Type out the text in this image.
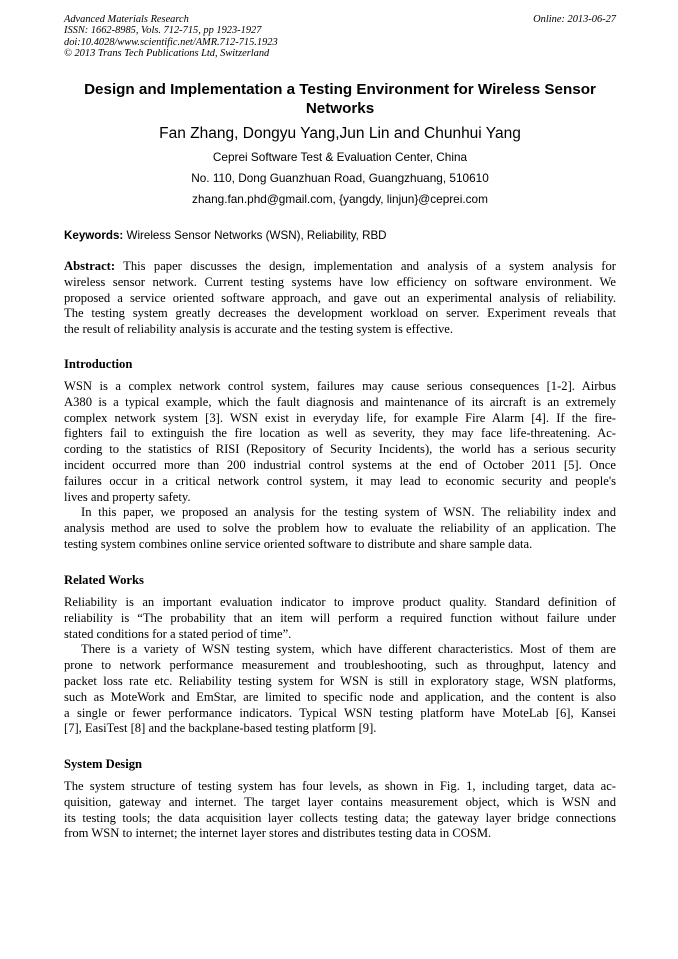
Advanced Materials Research
ISSN: 1662-8985, Vols. 712-715, pp 1923-1927
doi:10.4028/www.scientific.net/AMR.712-715.1923
© 2013 Trans Tech Publications Ltd, Switzerland
Online: 2013-06-27
Design and Implementation a Testing Environment for Wireless Sensor
Networks
Fan Zhang, Dongyu Yang,Jun Lin and Chunhui Yang
Ceprei Software Test & Evaluation Center, China
No. 110, Dong Guanzhuan Road, Guangzhuang, 510610
zhang.fan.phd@gmail.com, {yangdy, linjun}@ceprei.com
Keywords: Wireless Sensor Networks (WSN), Reliability, RBD
Abstract: This paper discusses the design, implementation and analysis of a system analysis for
wireless sensor network. Current testing systems have low efficiency on software environment. We
proposed a service oriented software approach, and gave out an experimental analysis of reliability.
The testing system greatly decreases the development workload on server. Experiment reveals that
the result of reliability analysis is accurate and the testing system is effective.
Introduction
WSN is a complex network control system, failures may cause serious consequences [1-2]. Airbus
A380 is a typical example, which the fault diagnosis and maintenance of its aircraft is an extremely
complex network system [3]. WSN exist in everyday life, for example Fire Alarm [4]. If the fire-
fighters fail to extinguish the fire location as well as severity, they may face life-threatening. Ac-
cording to the statistics of RISI (Repository of Security Incidents), the world has a serious security
incident occurred more than 200 industrial control systems at the end of October 2011 [5]. Once
failures occur in a critical network control system, it may lead to economic security and people's
lives and property safety.
In this paper, we proposed an analysis for the testing system of WSN. The reliability index and
analysis method are used to solve the problem how to evaluate the reliability of an application. The
testing system combines online service oriented software to distribute and share sample data.
Related Works
Reliability is an important evaluation indicator to improve product quality. Standard definition of
reliability is “The probability that an item will perform a required function without failure under
stated conditions for a stated period of time”.
There is a variety of WSN testing system, which have different characteristics. Most of them are
prone to network performance measurement and troubleshooting, such as throughput, latency and
packet loss rate etc. Reliability testing system for WSN is still in exploratory stage, WSN platforms,
such as MoteWork and EmStar, are limited to specific node and application, and the content is also
a single or fewer performance indicators. Typical WSN testing platform have MoteLab [6], Kansei
[7], EasiTest [8] and the backplane-based testing platform [9].
System Design
The system structure of testing system has four levels, as shown in Fig. 1, including target, data ac-
quisition, gateway and internet. The target layer contains measurement object, which is WSN and
its testing tools; the data acquisition layer collects testing data; the gateway layer bridge connections
from WSN to internet; the internet layer stores and distributes testing data in COSM.
